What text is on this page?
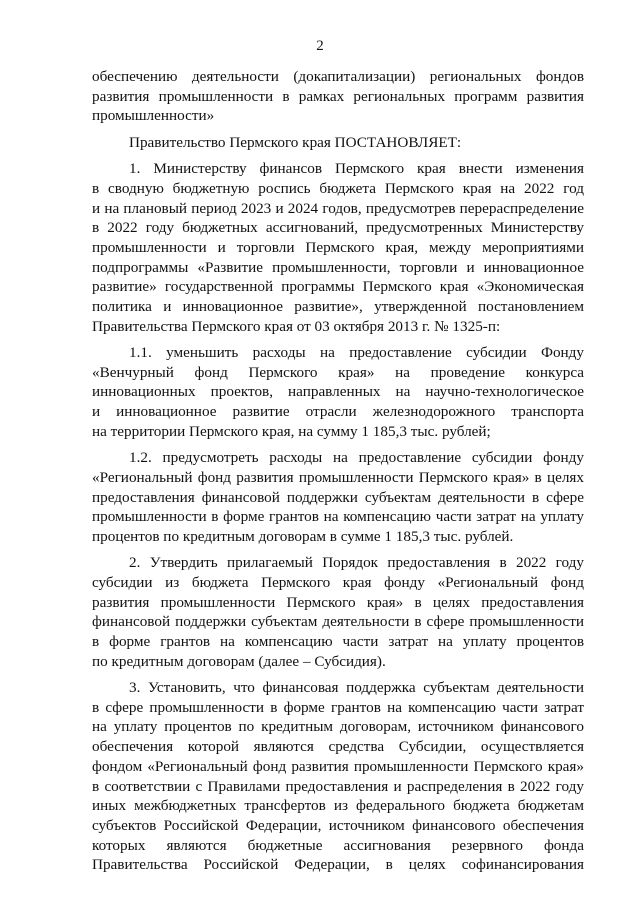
2
обеспечению деятельности (докапитализации) региональных фондов
развития промышленности в рамках региональных программ развития
промышленности»
Правительство Пермского края ПОСТАНОВЛЯЕТ:
1. Министерству финансов Пермского края внести изменения
в сводную бюджетную роспись бюджета Пермского края на 2022 год
и на плановый период 2023 и 2024 годов, предусмотрев перераспределение
в 2022 году бюджетных ассигнований, предусмотренных Министерству
промышленности и торговли Пермского края, между мероприятиями
подпрограммы «Развитие промышленности, торговли и инновационное
развитие» государственной программы Пермского края «Экономическая
политика и инновационное развитие», утвержденной постановлением
Правительства Пермского края от 03 октября 2013 г. № 1325-п:
1.1. уменьшить расходы на предоставление субсидии Фонду
«Венчурный фонд Пермского края» на проведение конкурса
инновационных проектов, направленных на научно-технологическое
и инновационное развитие отрасли железнодорожного транспорта
на территории Пермского края, на сумму 1 185,3 тыс. рублей;
1.2. предусмотреть расходы на предоставление субсидии фонду
«Региональный фонд развития промышленности Пермского края» в целях
предоставления финансовой поддержки субъектам деятельности в сфере
промышленности в форме грантов на компенсацию части затрат на уплату
процентов по кредитным договорам в сумме 1 185,3 тыс. рублей.
2. Утвердить прилагаемый Порядок предоставления в 2022 году
субсидии из бюджета Пермского края фонду «Региональный фонд
развития промышленности Пермского края» в целях предоставления
финансовой поддержки субъектам деятельности в сфере промышленности
в форме грантов на компенсацию части затрат на уплату процентов
по кредитным договорам (далее – Субсидия).
3. Установить, что финансовая поддержка субъектам деятельности
в сфере промышленности в форме грантов на компенсацию части затрат
на уплату процентов по кредитным договорам, источником финансового
обеспечения которой являются средства Субсидии, осуществляется
фондом «Региональный фонд развития промышленности Пермского края»
в соответствии с Правилами предоставления и распределения в 2022 году
иных межбюджетных трансфертов из федерального бюджета бюджетам
субъектов Российской Федерации, источником финансового обеспечения
которых являются бюджетные ассигнования резервного фонда
Правительства Российской Федерации, в целях софинансирования
